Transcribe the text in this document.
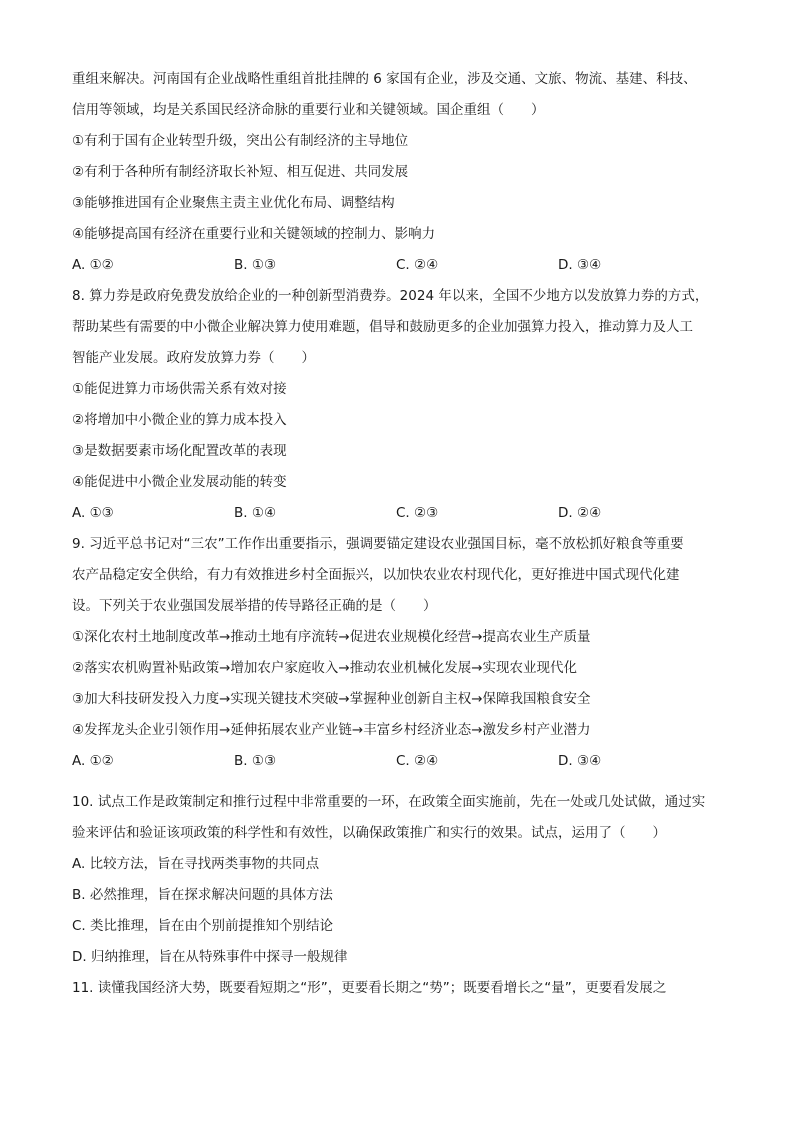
重组来解决。河南国有企业战略性重组首批挂牌的 6 家国有企业，涉及交通、文旅、物流、基建、科技、
信用等领域，均是关系国民经济命脉的重要行业和关键领域。国企重组（　　）
①有利于国有企业转型升级，突出公有制经济的主导地位
②有利于各种所有制经济取长补短、相互促进、共同发展
③能够推进国有企业聚焦主责主业优化布局、调整结构
④能够提高国有经济在重要行业和关键领域的控制力、影响力
A. ①②	B. ①③	C. ②④	D. ③④
8. 算力券是政府免费发放给企业的一种创新型消费券。2024 年以来，全国不少地方以发放算力券的方式，
帮助某些有需要的中小微企业解决算力使用难题，倡导和鼓励更多的企业加强算力投入，推动算力及人工
智能产业发展。政府发放算力券（　　）
①能促进算力市场供需关系有效对接
②将增加中小微企业的算力成本投入
③是数据要素市场化配置改革的表现
④能促进中小微企业发展动能的转变
A. ①③	B. ①④	C. ②③	D. ②④
9. 习近平总书记对“三农”工作作出重要指示，强调要锚定建设农业强国目标，毫不放松抓好粮食等重要
农产品稳定安全供给，有力有效推进乡村全面振兴，以加快农业农村现代化，更好推进中国式现代化建
设。下列关于农业强国发展举措的传导路径正确的是（　　）
①深化农村土地制度改革→推动土地有序流转→促进农业规模化经营→提高农业生产质量
②落实农机购置补贴政策→增加农户家庭收入→推动农业机械化发展→实现农业现代化
③加大科技研发投入力度→实现关键技术突破→掌握种业创新自主权→保障我国粮食安全
④发挥龙头企业引领作用→延伸拓展农业产业链→丰富乡村经济业态→激发乡村产业潜力
A. ①②	B. ①③	C. ②④	D. ③④
10. 试点工作是政策制定和推行过程中非常重要的一环，在政策全面实施前，先在一处或几处试做，通过实
验来评估和验证该项政策的科学性和有效性，以确保政策推广和实行的效果。试点，运用了（　　）
A. 比较方法，旨在寻找两类事物的共同点
B. 必然推理，旨在探求解决问题的具体方法
C. 类比推理，旨在由个别前提推知个别结论
D. 归纳推理，旨在从特殊事件中探寻一般规律
11. 读懂我国经济大势，既要看短期之“形”，更要看长期之“势”；既要看增长之“量”，更要看发展之
